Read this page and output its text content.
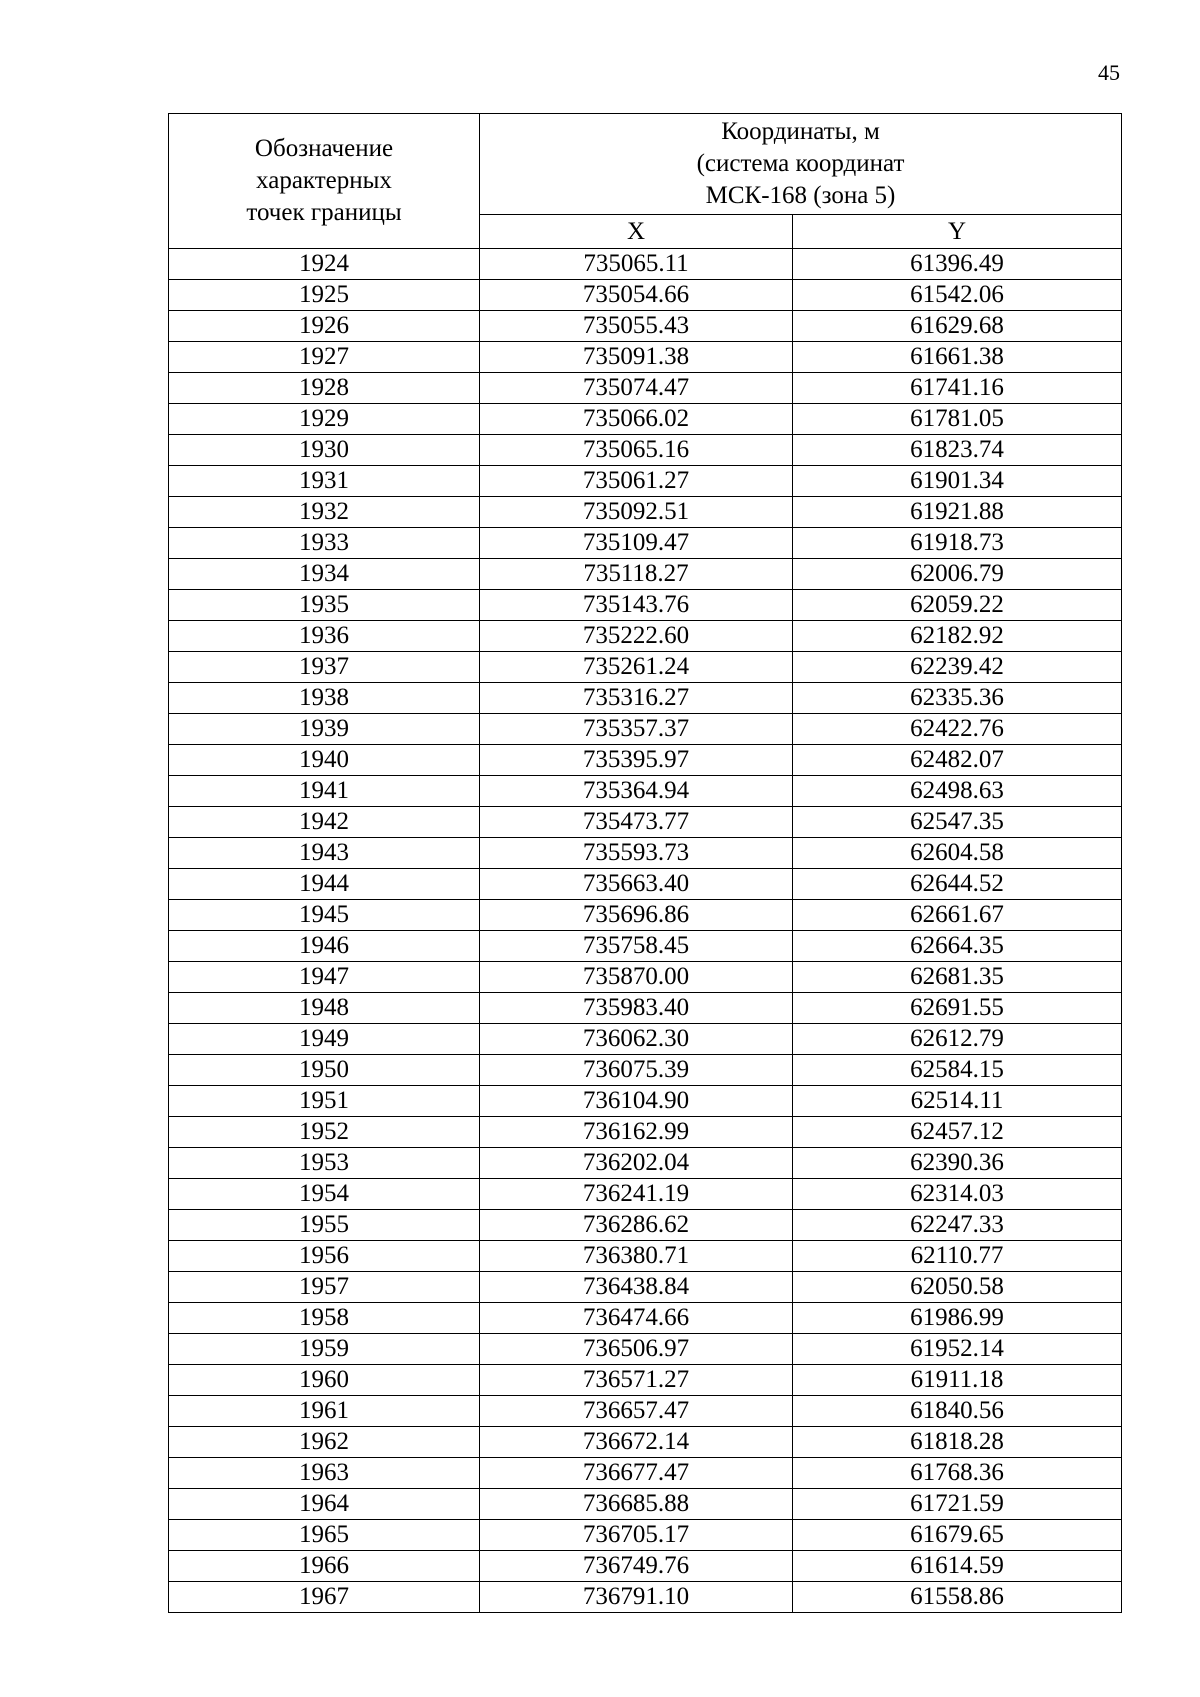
45
Обозначение
характерных
точек границы	Координаты, м
(система координат
МСК-168 (зона 5)	

	X	Y
1924	735065.11	61396.49
1925	735054.66	61542.06
1926	735055.43	61629.68
1927	735091.38	61661.38
1928	735074.47	61741.16
1929	735066.02	61781.05
1930	735065.16	61823.74
1931	735061.27	61901.34
1932	735092.51	61921.88
1933	735109.47	61918.73
1934	735118.27	62006.79
1935	735143.76	62059.22
1936	735222.60	62182.92
1937	735261.24	62239.42
1938	735316.27	62335.36
1939	735357.37	62422.76
1940	735395.97	62482.07
1941	735364.94	62498.63
1942	735473.77	62547.35
1943	735593.73	62604.58
1944	735663.40	62644.52
1945	735696.86	62661.67
1946	735758.45	62664.35
1947	735870.00	62681.35
1948	735983.40	62691.55
1949	736062.30	62612.79
1950	736075.39	62584.15
1951	736104.90	62514.11
1952	736162.99	62457.12
1953	736202.04	62390.36
1954	736241.19	62314.03
1955	736286.62	62247.33
1956	736380.71	62110.77
1957	736438.84	62050.58
1958	736474.66	61986.99
1959	736506.97	61952.14
1960	736571.27	61911.18
1961	736657.47	61840.56
1962	736672.14	61818.28
1963	736677.47	61768.36
1964	736685.88	61721.59
1965	736705.17	61679.65
1966	736749.76	61614.59
1967	736791.10	61558.86
